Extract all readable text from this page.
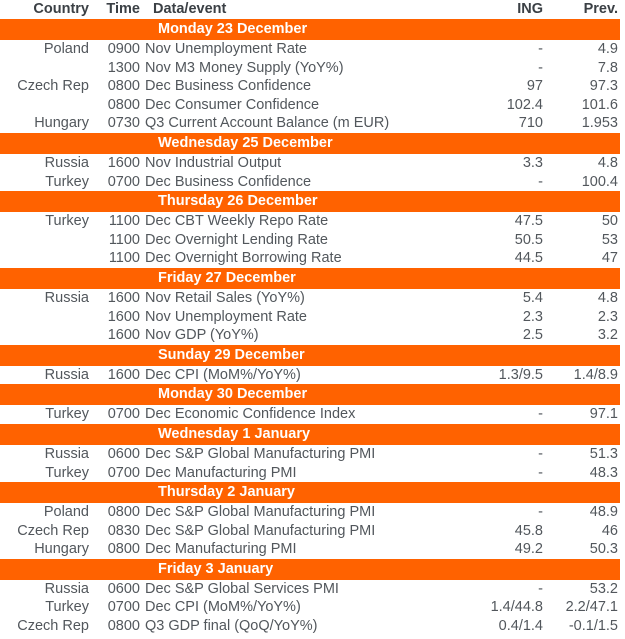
Country	Time	Data/event	ING	Prev.
Monday 23 December				
Poland	0900	Nov Unemployment Rate	-	4.9
	1300	Nov M3 Money Supply (YoY%)	-	7.8
Czech Rep	0800	Dec Business Confidence	97	97.3
	0800	Dec Consumer Confidence	102.4	101.6
Hungary	0730	Q3 Current Account Balance (m EUR)	710	1.953
Wednesday 25 December				
Russia	1600	Nov Industrial Output	3.3	4.8
Turkey	0700	Dec Business Confidence	-	100.4
Thursday 26 December				
Turkey	1100	Dec CBT Weekly Repo Rate	47.5	50
	1100	Dec Overnight Lending Rate	50.5	53
	1100	Dec Overnight Borrowing Rate	44.5	47
Friday 27 December				
Russia	1600	Nov Retail Sales (YoY%)	5.4	4.8
	1600	Nov Unemployment Rate	2.3	2.3
	1600	Nov GDP (YoY%)	2.5	3.2
Sunday 29 December				
Russia	1600	Dec CPI (MoM%/YoY%)	1.3/9.5	1.4/8.9
Monday 30 December				
Turkey	0700	Dec Economic Confidence Index	-	97.1
Wednesday 1 January				
Russia	0600	Dec S&P Global Manufacturing PMI	-	51.3
Turkey	0700	Dec Manufacturing PMI	-	48.3
Thursday 2 January				
Poland	0800	Dec S&P Global Manufacturing PMI	-	48.9
Czech Rep	0830	Dec S&P Global Manufacturing PMI	45.8	46
Hungary	0800	Dec Manufacturing PMI	49.2	50.3
Friday 3 January				
Russia	0600	Dec S&P Global Services PMI	-	53.2
Turkey	0700	Dec CPI (MoM%/YoY%)	1.4/44.8	2.2/47.1
Czech Rep	0800	Q3 GDP final (QoQ/YoY%)	0.4/1.4	-0.1/1.5
